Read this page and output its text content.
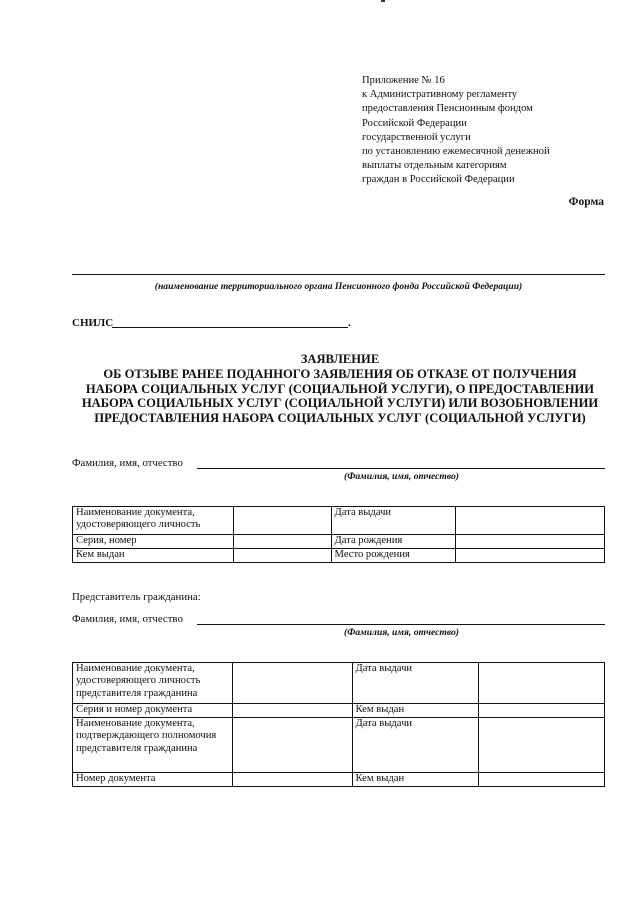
Приложение № 16
к Административному регламенту
предоставления Пенсионным фондом
Российской Федерации
государственной услуги
по установлению ежемесячной денежной
выплаты отдельным категориям
граждан в Российской Федерации
Форма
(наименование территориального органа Пенсионного фонда Российской Федерации)
СНИЛС	.
ЗАЯВЛЕНИЕ
ОБ ОТЗЫВЕ РАНЕЕ ПОДАННОГО ЗАЯВЛЕНИЯ ОБ ОТКАЗЕ ОТ ПОЛУЧЕНИЯ
НАБОРА СОЦИАЛЬНЫХ УСЛУГ (СОЦИАЛЬНОЙ УСЛУГИ), О ПРЕДОСТАВЛЕНИИ
НАБОРА СОЦИАЛЬНЫХ УСЛУГ (СОЦИАЛЬНОЙ УСЛУГИ) ИЛИ ВОЗОБНОВЛЕНИИ
ПРЕДОСТАВЛЕНИЯ НАБОРА СОЦИАЛЬНЫХ УСЛУГ (СОЦИАЛЬНОЙ УСЛУГИ)
Фамилия, имя, отчество
(Фамилия, имя, отчество)
Наименование документа, удостоверяющего личность		Дата выдачи	
Серия, номер		Дата рождения	
Кем выдан		Место рождения	
Представитель гражданина:
Фамилия, имя, отчество
(Фамилия, имя, отчество)
Наименование документа, удостоверяющего личность представителя гражданина		Дата выдачи	
Серия и номер документа		Кем выдан	
Наименование документа, подтверждающего полномочия представителя гражданина		Дата выдачи	
Номер документа		Кем выдан	
